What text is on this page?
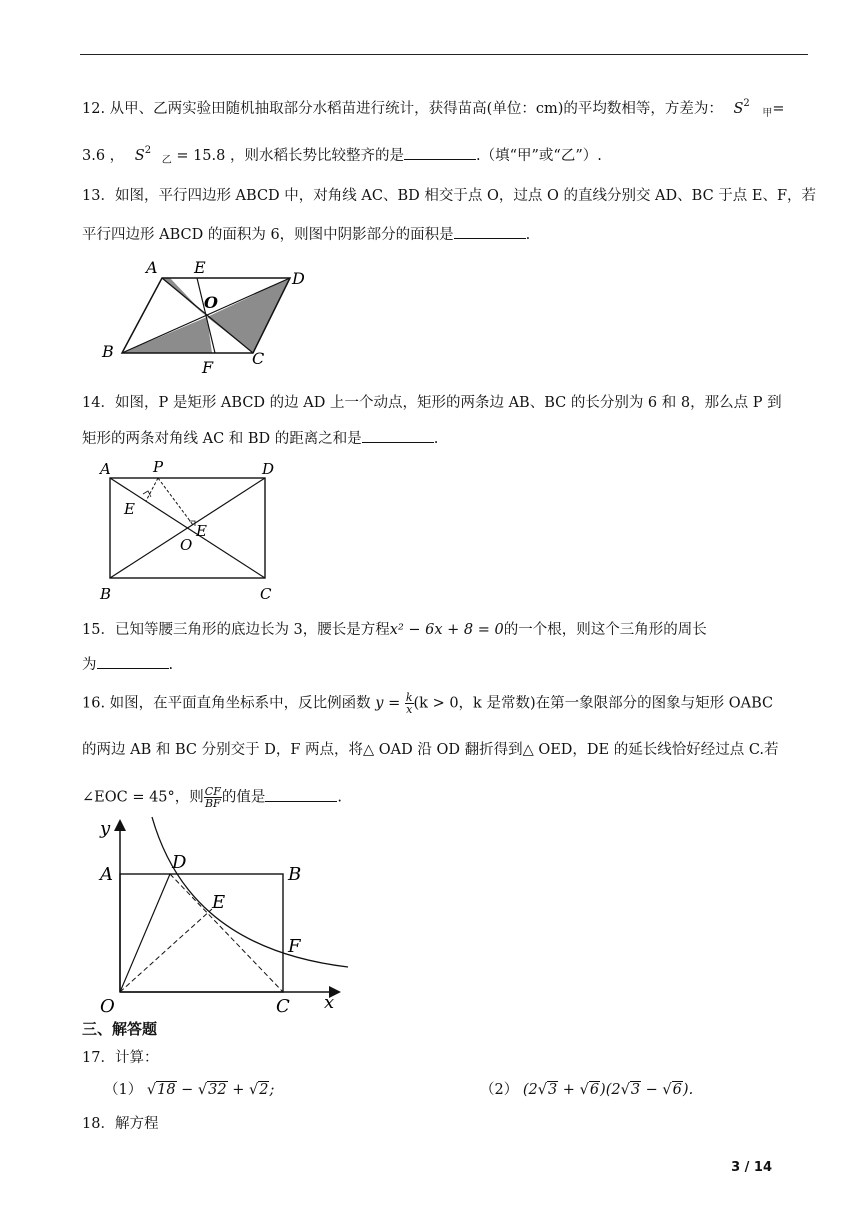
12. 从甲、乙两实验田随机抽取部分水稻苗进行统计，获得苗高(单位：cm)的平均数相等，方差为： $S^2$ $_甲$=
3.6 ， $S^2$ $_乙$ = 15.8 ，则水稻长势比较整齐的是	.（填“甲”或“乙”）.
13．如图，平行四边形 ABCD 中，对角线 AC、BD 相交于点 O，过点 O 的直线分别交 AD、BC 于点 E、F，若
平行四边形 ABCD 的面积为 6，则图中阴影部分的面积是	.
A E
D
O
B
F C
14．如图，P 是矩形 ABCD 的边 AD 上一个动点，矩形的两条边 AB、BC 的长分别为 6 和 8，那么点 P 到
矩形的两条对角线 AC 和 BD 的距离之和是	.
A	P	D
E
E
O
B	C
15．已知等腰三角形的底边长为 3，腰长是方程x² − 6x + 8 = 0的一个根，则这个三角形的周长
为	.
16. 如图，在平面直角坐标系中，反比例函数 $y = \frac{k}{x} (k > 0$，k 是常数)在第一象限部分的图象与矩形 OABC
的两边 AB 和 BC 分别交于 D，F 两点，将△ OAD 沿 OD 翻折得到△ OED，DE 的延长线恰好经过点 C.若
∠EOC = 45°，则 $\frac{CF}{BF}$ 的值是	.
y
A
D
B
E
F
O	C x
三、解答题
17．计算：
（1） √18 − √32 + √2;	（2） (2√3 + √6)(2√3 − √6).
18．解方程
3 / 14
